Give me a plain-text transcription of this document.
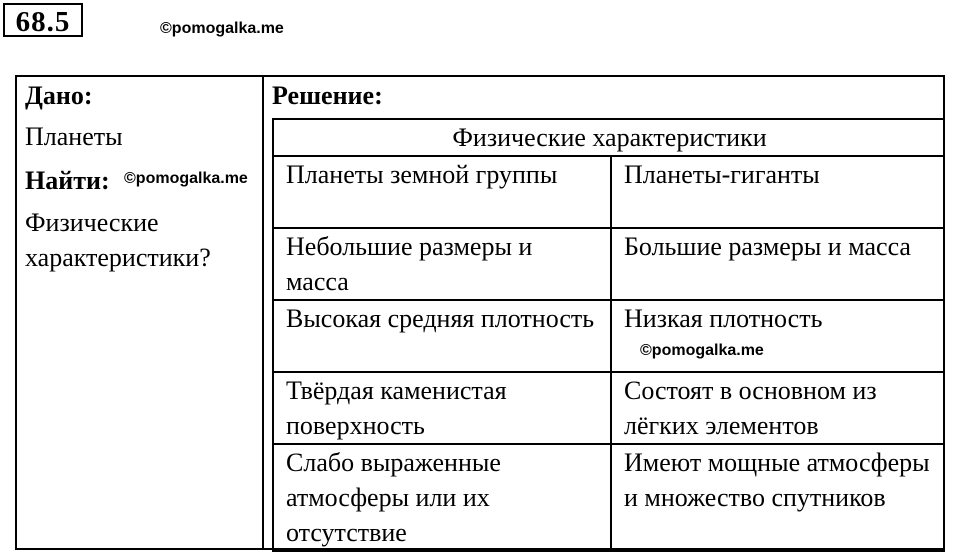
68.5	©pomogalka.me
Дано:
Планеты
Найти: ©pomogalka.me
Физические
характеристики?
Решение:
Физические характеристики	
Планеты земной группы	Планеты-гиганты
Небольшие размеры и масса	Большие размеры и масса
Высокая средняя плотность	Низкая плотность
Твёрдая каменистая поверхность	Состоят в основном из лёгких элементов
Слабо выраженные атмосферы или их отсутствие	Имеют мощные атмосферы и множество спутников
©pomogalka.me
